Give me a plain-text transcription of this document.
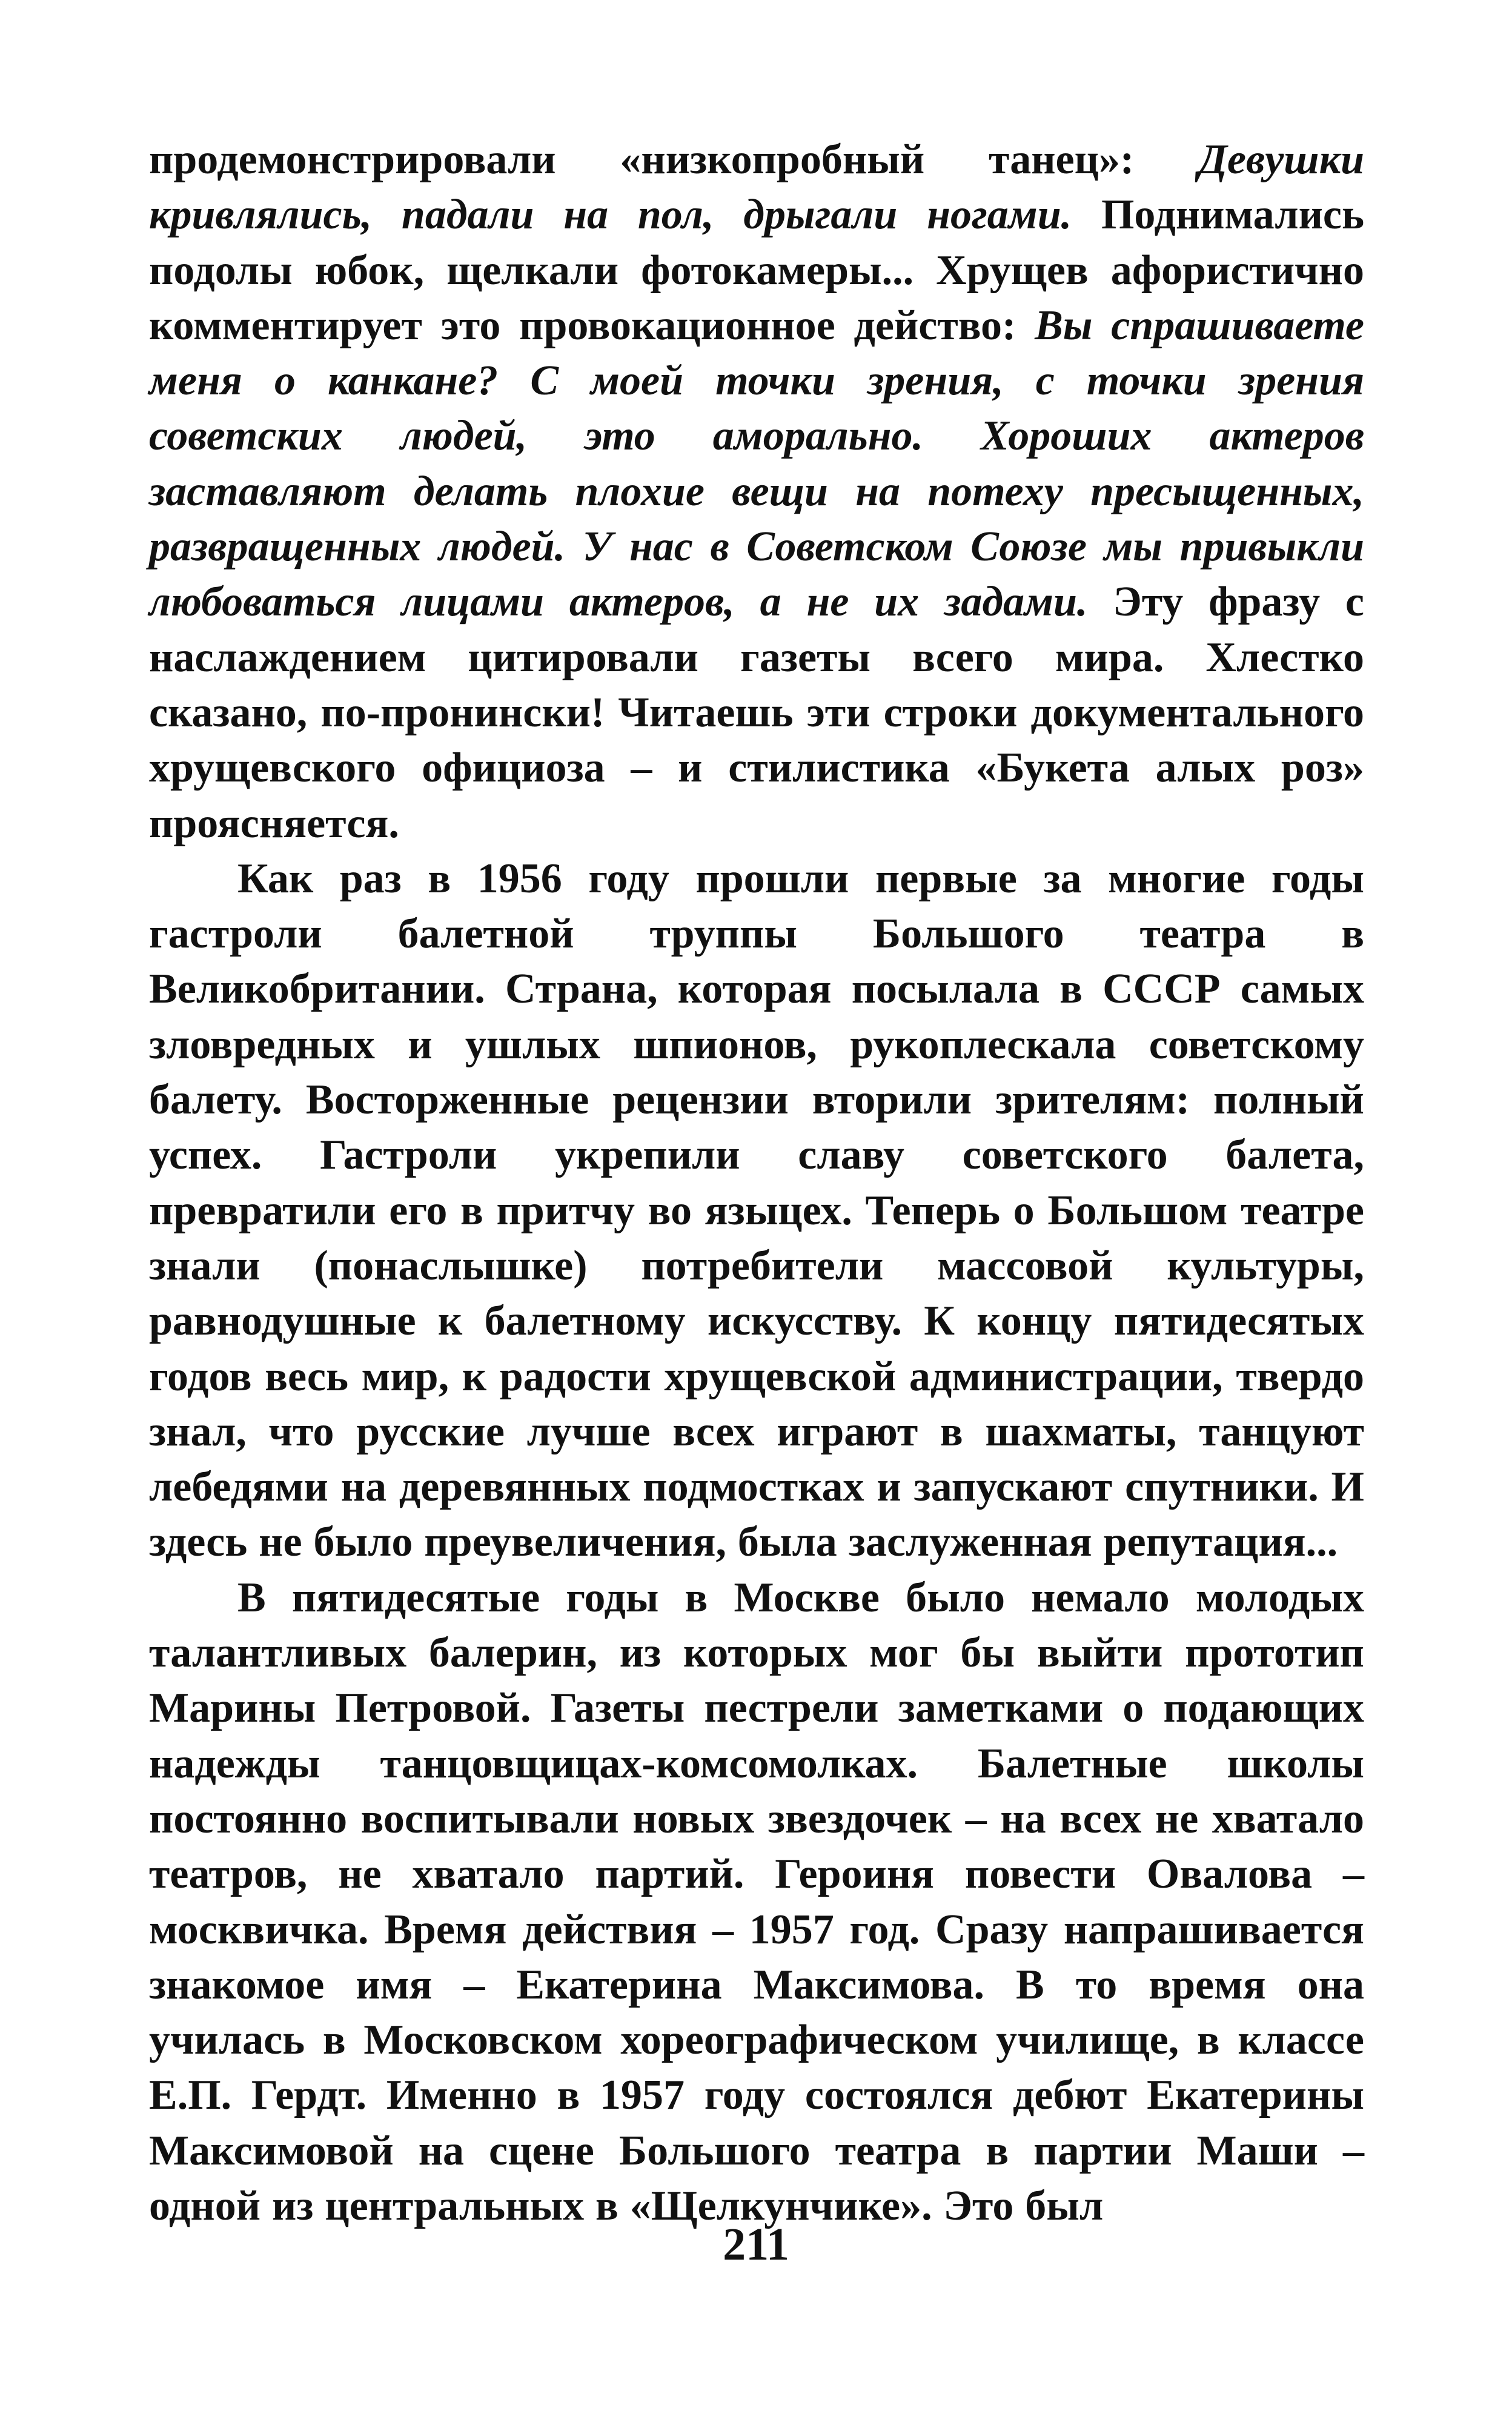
продемонстрировали «низкопробный танец»: Девушки кривлялись, падали на пол, дрыгали ногами. Поднимались подолы юбок, щелкали фотокамеры... Хрущев афористично комментирует это провокационное действо: Вы спрашиваете меня о канкане? С моей точки зрения, с точки зрения советских людей, это аморально. Хороших актеров заставляют делать плохие вещи на потеху пресыщенных, развращенных людей. У нас в Советском Союзе мы привыкли любоваться лицами актеров, а не их задами. Эту фразу с наслаждением цитировали газеты всего мира. Хлестко сказано, по-пронински! Читаешь эти строки документального хрущевского официоза – и стилистика «Букета алых роз» проясняется.

Как раз в 1956 году прошли первые за многие годы гастроли балетной труппы Большого театра в Великобритании. Страна, которая посылала в СССР самых зловредных и ушлых шпионов, рукоплескала советскому балету. Восторженные рецензии вторили зрителям: полный успех. Гастроли укрепили славу советского балета, превратили его в притчу во языцех. Теперь о Большом театре знали (понаслышке) потребители массовой культуры, равнодушные к балетному искусству. К концу пятидесятых годов весь мир, к радости хрущевской администрации, твердо знал, что русские лучше всех играют в шахматы, танцуют лебедями на деревянных подмостках и запускают спутники. И здесь не было преувеличения, была заслуженная репутация...

В пятидесятые годы в Москве было немало молодых талантливых балерин, из которых мог бы выйти прототип Марины Петровой. Газеты пестрели заметками о подающих надежды танцовщицах-комсомолках. Балетные школы постоянно воспитывали новых звездочек – на всех не хватало театров, не хватало партий. Героиня повести Овалова – москвичка. Время действия – 1957 год. Сразу напрашивается знакомое имя – Екатерина Максимова. В то время она училась в Московском хореографическом училище, в классе Е.П. Гердт. Именно в 1957 году состоялся дебют Екатерины Максимовой на сцене Большого театра в партии Маши – одной из центральных в «Щелкунчике». Это был

211
